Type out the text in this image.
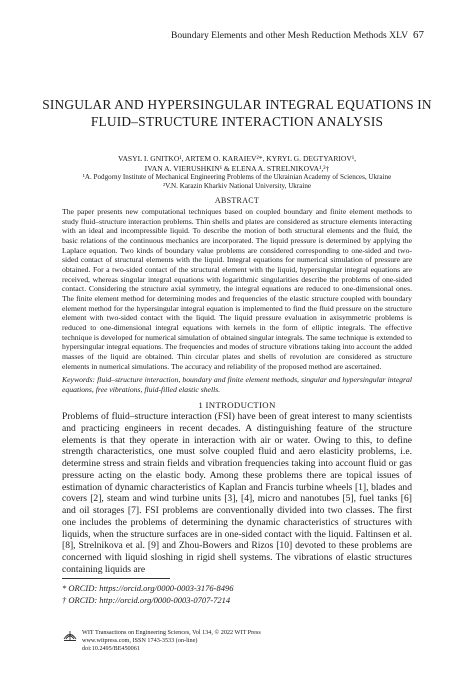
Boundary Elements and other Mesh Reduction Methods XLV 67
SINGULAR AND HYPERSINGULAR INTEGRAL EQUATIONS IN FLUID–STRUCTURE INTERACTION ANALYSIS
VASYL I. GNITKO¹, ARTEM O. KARAIEV²*, KYRYL G. DEGTYARIOV¹,
IVAN A. VIERUSHKIN¹ & ELENA A. STRELNIKOVA¹,²†
¹A. Podgorny Institute of Mechanical Engineering Problems of the Ukrainian Academy of Sciences, Ukraine
²V.N. Karazin Kharkiv National University, Ukraine
ABSTRACT
The paper presents new computational techniques based on coupled boundary and finite element methods to study fluid–structure interaction problems. Thin shells and plates are considered as structure elements interacting with an ideal and incompressible liquid. To describe the motion of both structural elements and the fluid, the basic relations of the continuous mechanics are incorporated. The liquid pressure is determined by applying the Laplace equation. Two kinds of boundary value problems are considered corresponding to one-sided and two-sided contact of structural elements with the liquid. Integral equations for numerical simulation of pressure are obtained. For a two-sided contact of the structural element with the liquid, hypersingular integral equations are received, whereas singular integral equations with logarithmic singularities describe the problems of one-sided contact. Considering the structure axial symmetry, the integral equations are reduced to one-dimensional ones. The finite element method for determining modes and frequencies of the elastic structure coupled with boundary element method for the hypersingular integral equation is implemented to find the fluid pressure on the structure element with two-sided contact with the liquid. The liquid pressure evaluation in axisymmetric problems is reduced to one-dimensional integral equations with kernels in the form of elliptic integrals. The effective technique is developed for numerical simulation of obtained singular integrals. The same technique is extended to hypersingular integral equations. The frequencies and modes of structure vibrations taking into account the added masses of the liquid are obtained. Thin circular plates and shells of revolution are considered as structure elements in numerical simulations. The accuracy and reliability of the proposed method are ascertained.
Keywords: fluid–structure interaction, boundary and finite element methods, singular and hypersingular integral equations, free vibrations, fluid-filled elastic shells.
1 INTRODUCTION
Problems of fluid–structure interaction (FSI) have been of great interest to many scientists and practicing engineers in recent decades. A distinguishing feature of the structure elements is that they operate in interaction with air or water. Owing to this, to define strength characteristics, one must solve coupled fluid and aero elasticity problems, i.e. determine stress and strain fields and vibration frequencies taking into account fluid or gas pressure acting on the elastic body. Among these problems there are topical issues of estimation of dynamic characteristics of Kaplan and Francis turbine wheels [1], blades and covers [2], steam and wind turbine units [3], [4], micro and nanotubes [5], fuel tanks [6] and oil storages [7]. FSI problems are conventionally divided into two classes. The first one includes the problems of determining the dynamic characteristics of structures with liquids, when the structure surfaces are in one-sided contact with the liquid. Faltinsen et al. [8], Strelnikova et al. [9] and Zhou-Bowers and Rizos [10] devoted to these problems are concerned with liquid sloshing in rigid shell systems. The vibrations of elastic structures containing liquids are
* ORCID: https://orcid.org/0000-0003-3176-8496
† ORCID: http://orcid.org/0000-0003-0707-7214
WIT Transactions on Engineering Sciences, Vol 134, © 2022 WIT Press
www.witpress.com, ISSN 1743-3533 (on-line)
doi:10.2495/BE450061
